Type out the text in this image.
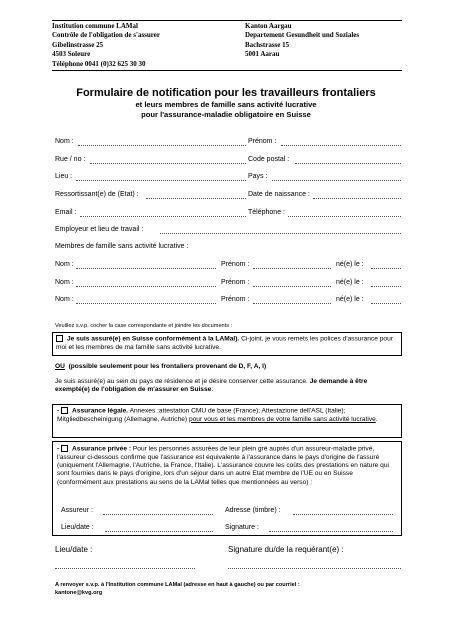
Institution commune LAMal
Contrôle de l'obligation de s'assurer
Gibelinstrasse 25
4503 Soleure
Téléphone 0041 (0)32 625 30 30
Kanton Aargau
Departement Gesundheit und Soziales
Bachstrasse 15
5001 Aarau
Formulaire de notification pour les travailleurs frontaliers
et leurs membres de famille sans activité lucrative
pour l'assurance-maladie obligatoire en Suisse
Nom :	Prénom :
Rue / no :	Code postal :
Lieu :	Pays :
Ressortissant(e) de (Etat) :	Date de naissance :
Email :	Téléphone :
Employeur et lieu de travail :
Membres de famille sans activité lucrative :
Nom :	Prénom :	né(e) le :
Nom :	Prénom :	né(e) le :
Nom :	Prénom :	né(e) le :
Veuillez s.v.p. cocher la case correspondante et joindre les documents :
Je suis assuré(e) en Suisse conformément à la LAMal). Ci-joint, je vous remets les polices d'assurance pour moi et les membres de ma famille sans activité lucrative.
OU (possible seulement pour les frontaliers provenant de D, F, A, I)
Je suis assuré(e) au sein du pays de résidence et je désire conserver cette assurance. Je demande à être exempté(e) de l'obligation de m'assurer en Suisse.
- Assurance légale. Annexes :attestation CMU de base (France); Attestazione dell'ASL (Italie); Mitgliedbescheinigung (Allemagne, Autriche) pour vous et les membres de votre famille sans activité lucrative.
- Assurance privée : Pour les personnes assurées de leur plein gré auprès d'un assureur-maladie privé, l'assureur ci-dessous confirme que l'assurance est équivalente à l'assurance dans le pays d'origine de l'assuré (uniquement l'Allemagne, l'Autriche, la France, l'Italie). L'assurance couvre les coûts des prestations en nature qui sont fournies dans le pays d'origine, lors d'un séjour dans un autre Etat membre de l'UE ou en Suisse (conformément aux prestations au sens de la LAMal telles que mentionnées au verso) :
Assureur :	Adresse (timbre) :
Lieu/date :	Signature :
Lieu/date :	Signature du/de la requérant(e) :
A renvoyer s.v.p. à l'Institution commune LAMal (adresse en haut à gauche) ou par courriel :
kantone@kvg.org
